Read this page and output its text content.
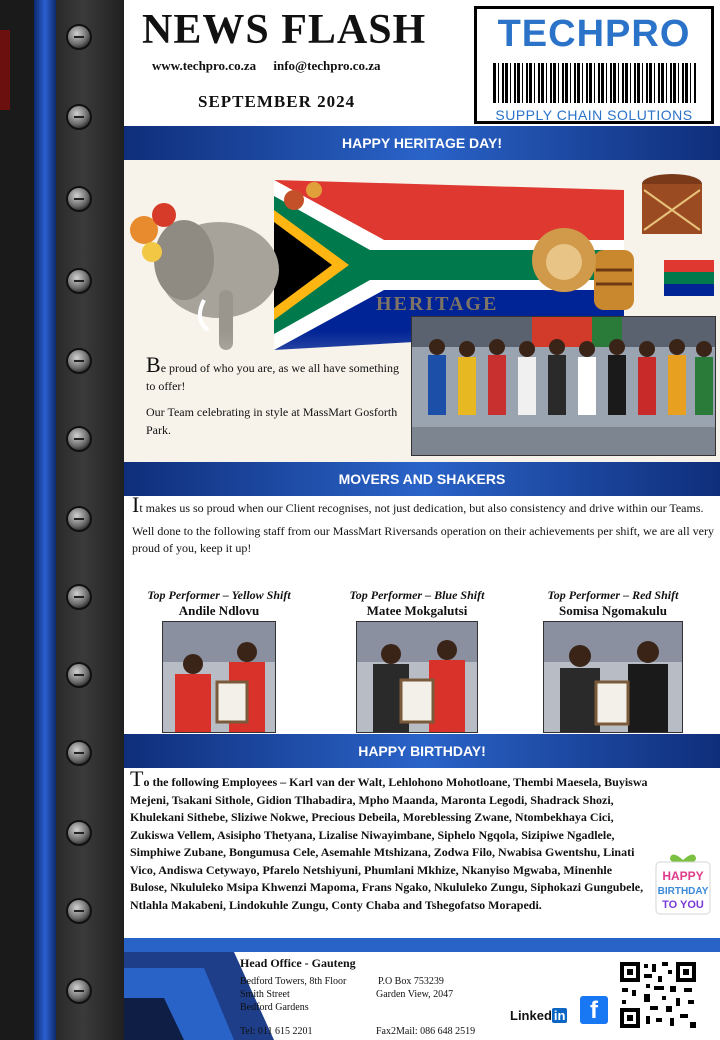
NEWS FLASH
www.techpro.co.za info@techpro.co.za
SEPTEMBER 2024
TECHPRO
SUPPLY CHAIN SOLUTIONS
HAPPY HERITAGE DAY!
HERITAGE

Be proud of who you are, as we all have something to offer!

Our Team celebrating in style at MassMart Gosforth Park.

MOVERS AND SHAKERS

It makes us so proud when our Client recognises, not just dedication, but also consistency and drive within our Teams.

Well done to the following staff from our MassMart Riversands operation on their achievements per shift, we are all very proud of you, keep it up!

Top Performer – Yellow Shift
Andile Ndlovu
Top Performer – Blue Shift
Matee Mokgalutsi
Top Performer – Red Shift
Somisa Ngomakulu
HAPPY BIRTHDAY!
To the following Employees – Karl van der Walt, Lehlohono Mohotloane, Thembi Maesela, Buyiswa Mejeni, Tsakani Sithole, Gidion Tlhabadira, Mpho Maanda, Maronta Legodi, Shadrack Shozi, Khulekani Sithebe, Sliziwe Nokwe, Precious Debeila, Moreblessing Zwane, Ntombekhaya Cici, Zukiswa Vellem, Asisipho Thetyana, Lizalise Niwayimbane, Siphelo Ngqola, Sizipiwe Ngadlele, Simphiwe Zubane, Bongumusa Cele, Asemahle Mtshizana, Zodwa Filo, Nwabisa Gwentshu, Linati Vico, Andiswa Cetywayo, Pfarelo Netshiyuni, Phumlani Mkhize, Nkanyiso Mgwaba, Minenhle Bulose, Nkululeko Msipa Khwenzi Mapoma, Frans Ngako, Nkululeko Zungu, Siphokazi Gungubele, Ntlahla Makabeni, Lindokuhle Zungu, Conty Chaba and Tshegofatso Morapedi.
HAPPY
BIRTHDAY
TO YOU
Head Office - Gauteng
Bedford Towers, 8th Floor
Smith Street
Bedford Gardens
P.O Box 753239
Garden View, 2047
Tel: 011 615 2201	Fax2Mail: 086 648 2519
Linked in	f
